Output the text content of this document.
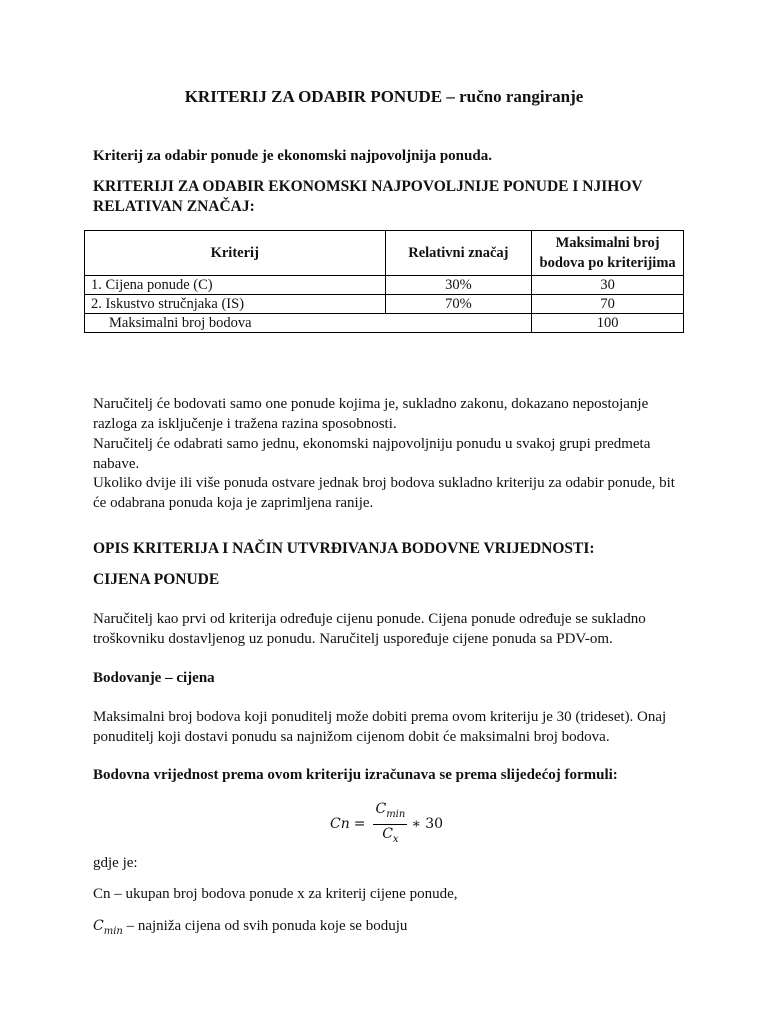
KRITERIJ ZA ODABIR PONUDE – ručno rangiranje
Kriterij za odabir ponude je ekonomski najpovoljnija ponuda.
KRITERIJI ZA ODABIR EKONOMSKI NAJPOVOLJNIJE PONUDE I NJIHOV RELATIVAN ZNAČAJ:
Kriterij	Relativni značaj	Maksimalni broj bodova po kriterijima
1. Cijena ponude (C)	30%	30
2. Iskustvo stručnjaka (IS)	70%	70
Maksimalni broj bodova		100
Naručitelj će bodovati samo one ponude kojima je, sukladno zakonu, dokazano nepostojanje razloga za isključenje i tražena razina sposobnosti.
Naručitelj će odabrati samo jednu, ekonomski najpovoljniju ponudu u svakoj grupi predmeta nabave.
Ukoliko dvije ili više ponuda ostvare jednak broj bodova sukladno kriteriju za odabir ponude, bit će odabrana ponuda koja je zaprimljena ranije.
OPIS KRITERIJA I NAČIN UTVRĐIVANJA BODOVNE VRIJEDNOSTI:
CIJENA PONUDE
Naručitelj kao prvi od kriterija određuje cijenu ponude. Cijena ponude određuje se sukladno troškovniku dostavljenog uz ponudu. Naručitelj uspoređuje cijene ponuda sa PDV-om.
Bodovanje – cijena
Maksimalni broj bodova koji ponuditelj može dobiti prema ovom kriteriju je 30 (trideset). Onaj ponuditelj koji dostavi ponudu sa najnižom cijenom dobit će maksimalni broj bodova.
Bodovna vrijednost prema ovom kriteriju izračunava se prema slijedećoj formuli:
$Cn = \frac{C_{min}}{C_x}$ ∗ 30
gdje je:
Cn – ukupan broj bodova ponude x za kriterij cijene ponude,
$C_{min}$ – najniža cijena od svih ponuda koje se boduju
